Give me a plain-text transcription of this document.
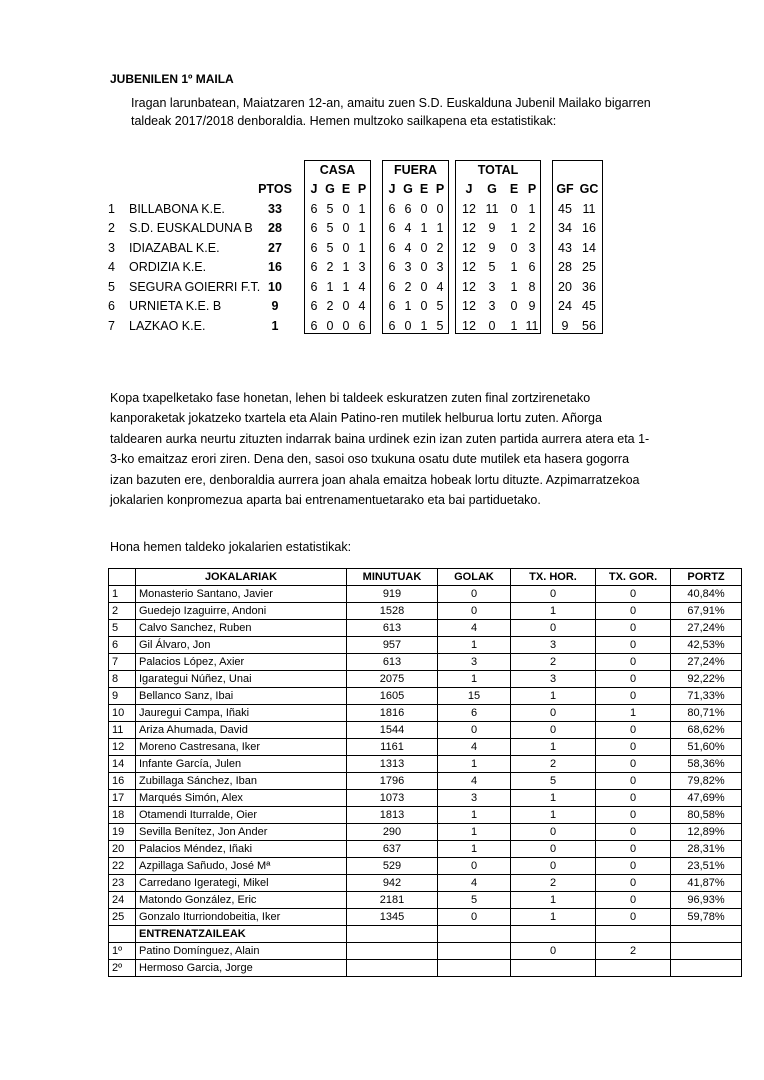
JUBENILEN 1º MAILA
Iragan larunbatean, Maiatzaren 12-an, amaitu zuen S.D. Euskalduna Jubenil Mailako bigarren taldeak 2017/2018 denboraldia. Hemen multzoko sailkapena eta estatistikak:
CASA	FUERA	TOTAL
PTOS J G E P J G E P J G E P GF GC
1	BILLABONA K.E.	33	6 5 0 1 6 6 0 0 12 11 0 1	45 11
2	S.D. EUSKALDUNA B	28	6 5 0 1 6 4 1 1 12	9	1 2	34 16
3	IDIAZABAL K.E.	27	6 5 0 1 6 4 0 2 12	9	0 3	43 14
4	ORDIZIA K.E.	16	6 2 1 3 6 3 0 3 12	5	1 6	28 25
5	SEGURA GOIERRI F.T. 10	6 1 1 4 6 2 0 4 12	3	1 8	20 36
6	URNIETA K.E. B	9	6 2 0 4 6 1 0 5 12	3	0 9	24 45
7	LAZKAO K.E.	1	6 0 0 6 6 0 1 5 12	0	1 11	9	56
Kopa txapelketako fase honetan, lehen bi taldeek eskuratzen zuten final zortzirenetako kanporaketak jokatzeko txartela eta Alain Patino-ren mutilek helburua lortu zuten. Añorga taldearen aurka neurtu zituzten indarrak baina urdinek ezin izan zuten partida aurrera atera eta 1-3-ko emaitzaz erori ziren. Dena den, sasoi oso txukuna osatu dute mutilek eta hasera gogorra izan bazuten ere, denboraldia aurrera joan ahala emaitza hobeak lortu dituzte. Azpimarratzekoa jokalarien konpromezua aparta bai entrenamentuetarako eta bai partiduetako.
Hona hemen taldeko jokalarien estatistikak:
	JOKALARIAK	MINUTUAK	GOLAK	TX. HOR.	TX. GOR.	PORTZ
1	Monasterio Santano, Javier	919	0	0	0	40,84%
2	Guedejo Izaguirre, Andoni	1528	0	1	0	67,91%
5	Calvo Sanchez, Ruben	613	4	0	0	27,24%
6	Gil Álvaro, Jon	957	1	3	0	42,53%
7	Palacios López, Axier	613	3	2	0	27,24%
8	Igarategui Núñez, Unai	2075	1	3	0	92,22%
9	Bellanco Sanz, Ibai	1605	15	1	0	71,33%
10	Jauregui Campa, Iñaki	1816	6	0	1	80,71%
11	Ariza Ahumada, David	1544	0	0	0	68,62%
12	Moreno Castresana, Iker	1161	4	1	0	51,60%
14	Infante García, Julen	1313	1	2	0	58,36%
16	Zubillaga Sánchez, Iban	1796	4	5	0	79,82%
17	Marqués Simón, Alex	1073	3	1	0	47,69%
18	Otamendi Iturralde, Oier	1813	1	1	0	80,58%
19	Sevilla Benítez, Jon Ander	290	1	0	0	12,89%
20	Palacios Méndez, Iñaki	637	1	0	0	28,31%
22	Azpillaga Sañudo, José Mª	529	0	0	0	23,51%
23	Carredano Igerategi, Mikel	942	4	2	0	41,87%
24	Matondo González, Eric	2181	5	1	0	96,93%
25	Gonzalo Iturriondobeitia, Iker	1345	0	1	0	59,78%
	ENTRENATZAILEAK					
1º	Patino Domínguez, Alain			0	2	
2º	Hermoso Garcia, Jorge					
